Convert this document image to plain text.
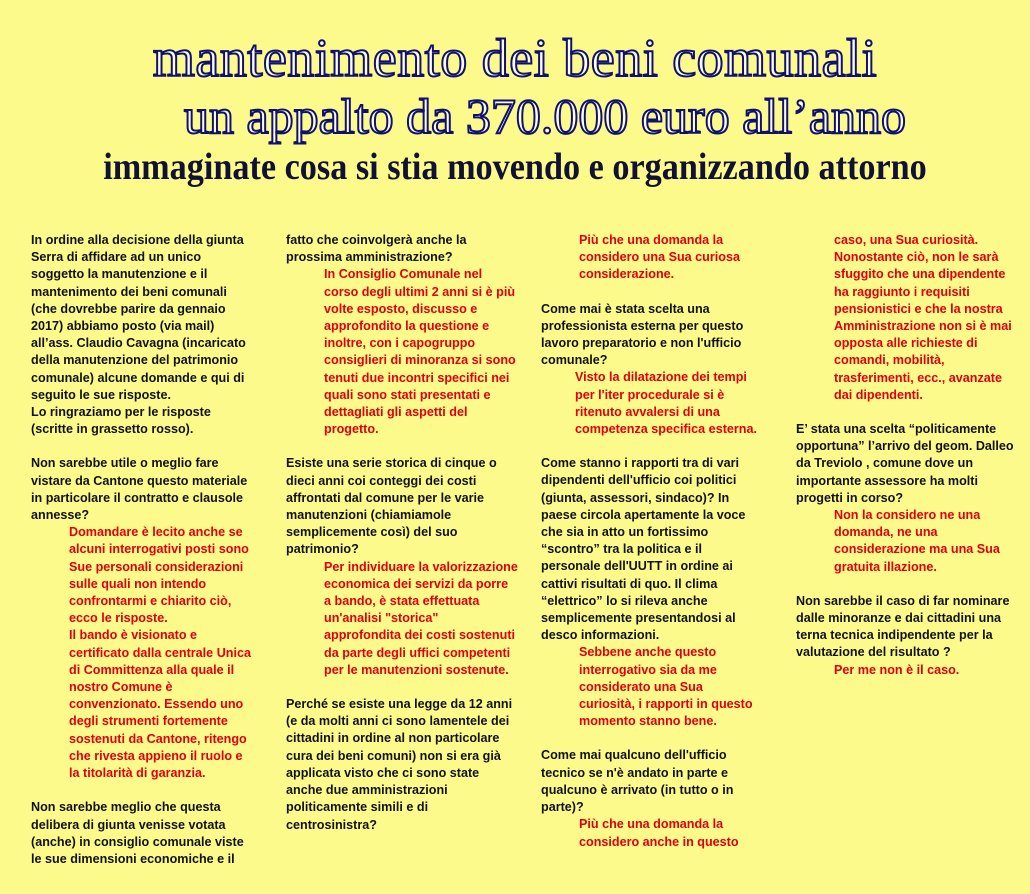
mantenimento dei beni comunali
un appalto da 370.000 euro all’anno
immaginate cosa si stia movendo e organizzando attorno

In ordine alla decisione della giunta Serra di affidare ad un unico soggetto la manutenzione e il mantenimento dei beni comunali (che dovrebbe parire da gennaio 2017) abbiamo posto (via mail) all’ass. Claudio Cavagna (incaricato della manutenzione del patrimonio comunale) alcune domande e qui di seguito le sue risposte.

Lo ringraziamo per le risposte (scritte in grassetto rosso).

Non sarebbe utile o meglio fare vistare da Cantone questo materiale in particolare il contratto e clausole annesse?

Domandare è lecito anche se alcuni interrogativi posti sono Sue personali considerazioni sulle quali non intendo confrontarmi e chiarito ciò, ecco le risposte.

Il bando è visionato e certificato dalla centrale Unica di Committenza alla quale il nostro Comune è convenzionato. Essendo uno degli strumenti fortemente sostenuti da Cantone, ritengo che rivesta appieno il ruolo e la titolarità di garanzia.

Non sarebbe meglio che questa delibera di giunta venisse votata (anche) in consiglio comunale viste le sue dimensioni economiche e il

fatto che coinvolgerà anche la prossima amministrazione?

In Consiglio Comunale nel corso degli ultimi 2 anni si è più volte esposto, discusso e approfondito la questione e inoltre, con i capogruppo consiglieri di minoranza si sono tenuti due incontri specifici nei quali sono stati presentati e dettagliati gli aspetti del progetto.

Esiste una serie storica di cinque o dieci anni coi conteggi dei costi affrontati dal comune per le varie manutenzioni (chiamiamole semplicemente così) del suo patrimonio?

Per individuare la valorizzazione economica dei servizi da porre a bando, è stata effettuata un'analisi "storica" approfondita dei costi sostenuti da parte degli uffici competenti per le manutenzioni sostenute.

Perché se esiste una legge da 12 anni (e da molti anni ci sono lamentele dei cittadini in ordine al non particolare cura dei beni comuni) non si era già applicata visto che ci sono state anche due amministrazioni politicamente simili e di centrosinistra?

Più che una domanda la considero una Sua curiosa considerazione.

Come mai è stata scelta una professionista esterna per questo lavoro preparatorio e non l'ufficio comunale?

Visto la dilatazione dei tempi per l'iter procedurale si è ritenuto avvalersi di una competenza specifica esterna.

Come stanno i rapporti tra di vari dipendenti dell'ufficio coi politici (giunta, assessori, sindaco)? In paese circola apertamente la voce che sia in atto un fortissimo “scontro” tra la politica e il personale dell'UUTT in ordine ai cattivi risultati di quo. Il clima “elettrico” lo si rileva anche semplicemente presentandosi al desco informazioni.

Sebbene anche questo interrogativo sia da me considerato una Sua curiosità, i rapporti in questo momento stanno bene.

Come mai qualcuno dell'ufficio tecnico se n'è andato in parte e qualcuno è arrivato (in tutto o in parte)?

Più che una domanda la considero anche in questo

caso, una Sua curiosità. Nonostante ciò, non le sarà sfuggito che una dipendente ha raggiunto i requisiti pensionistici e che la nostra Amministrazione non si è mai opposta alle richieste di comandi, mobilità, trasferimenti, ecc., avanzate dai dipendenti.

E’ stata una scelta “politicamente opportuna” l’arrivo del geom. Dalleo da Treviolo , comune dove un importante assessore ha molti progetti in corso?

Non la considero ne una domanda, ne una considerazione ma una Sua gratuita illazione.

Non sarebbe il caso di far nominare dalle minoranze e dai cittadini una terna tecnica indipendente per la valutazione del risultato ?

Per me non è il caso.
